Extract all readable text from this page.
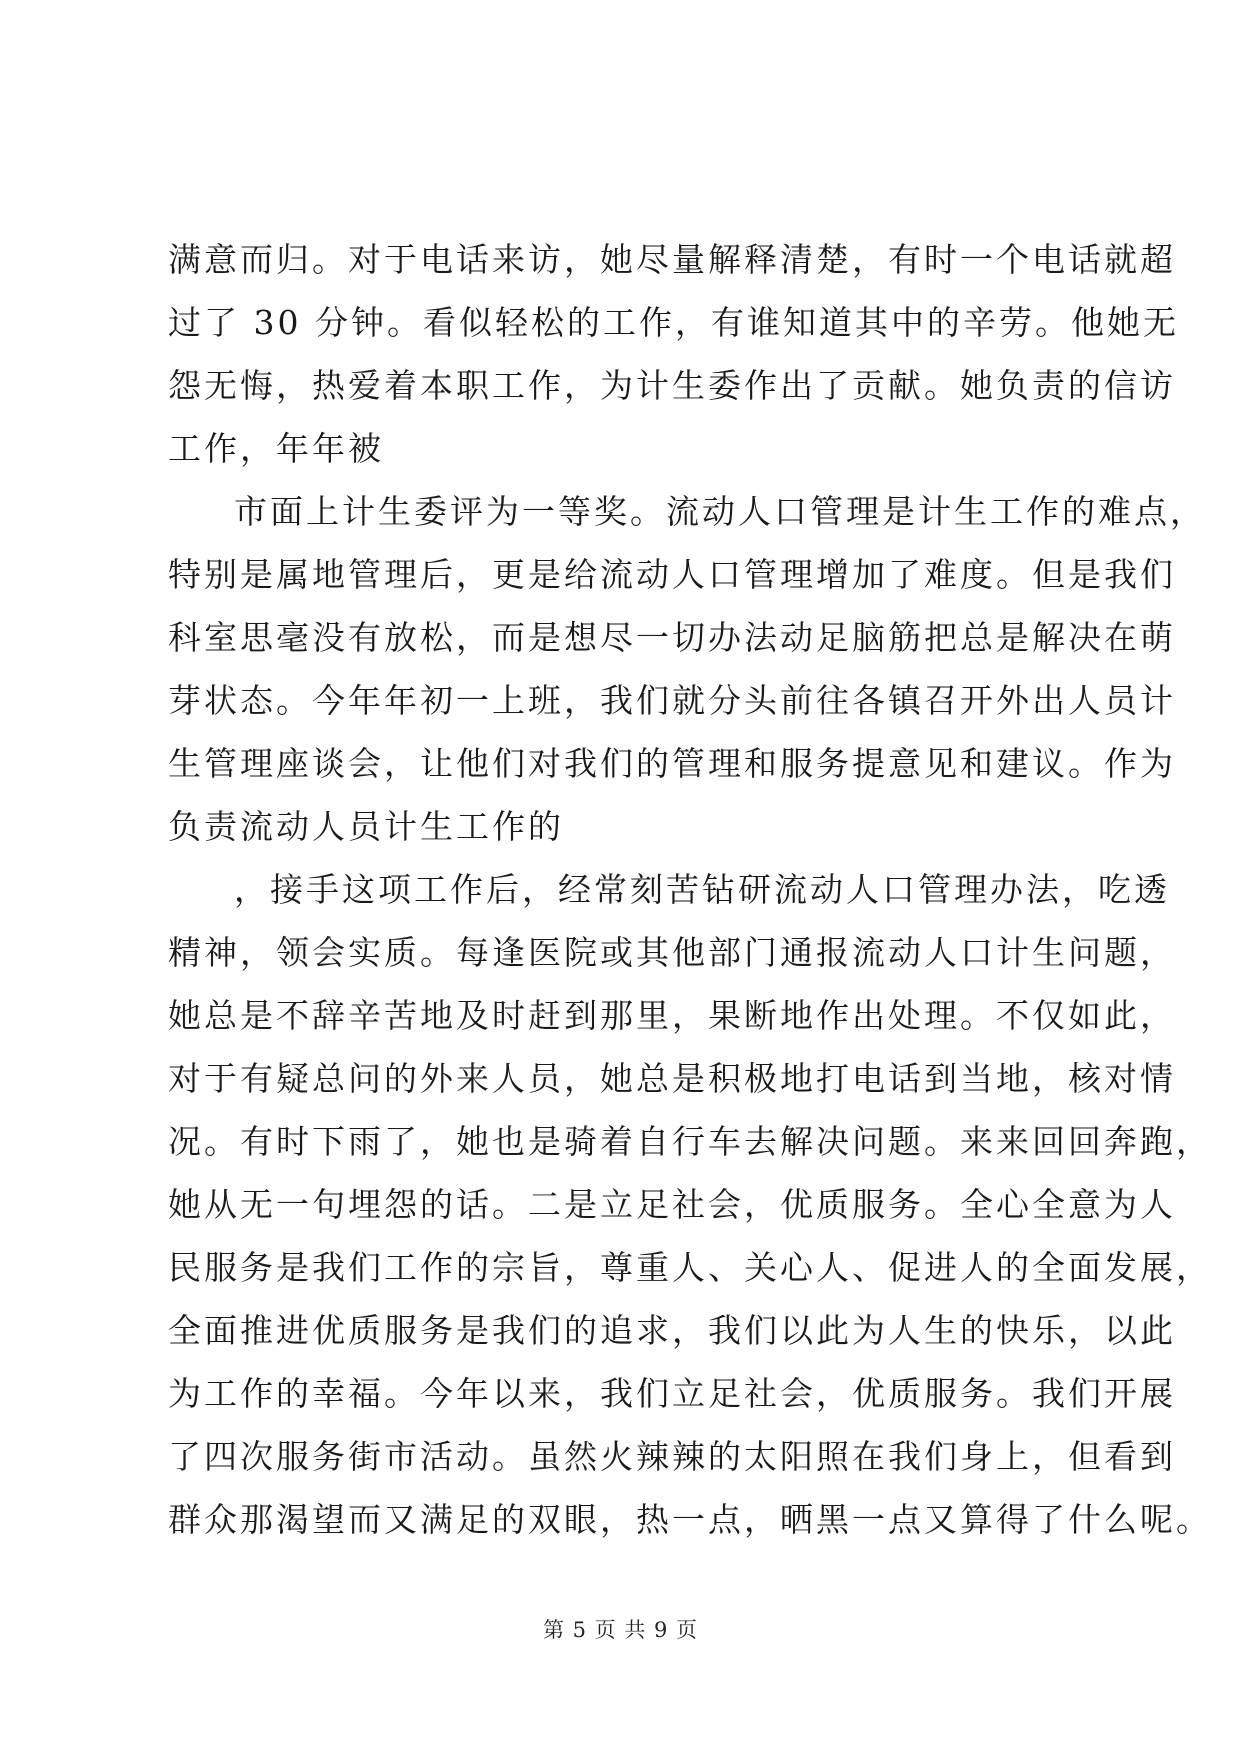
满意而归。对于电话来访，她尽量解释清楚，有时一个电话就超
过了 30 分钟。看似轻松的工作，有谁知道其中的辛劳。他她无
怨无悔，热爱着本职工作，为计生委作出了贡献。她负责的信访
工作，年年被
市面上计生委评为一等奖。流动人口管理是计生工作的难点，
特别是属地管理后，更是给流动人口管理增加了难度。但是我们
科室思毫没有放松，而是想尽一切办法动足脑筋把总是解决在萌
芽状态。今年年初一上班，我们就分头前往各镇召开外出人员计
生管理座谈会，让他们对我们的管理和服务提意见和建议。作为
负责流动人员计生工作的
，接手这项工作后，经常刻苦钻研流动人口管理办法，吃透
精神，领会实质。每逢医院或其他部门通报流动人口计生问题，
她总是不辞辛苦地及时赶到那里，果断地作出处理。不仅如此，
对于有疑总问的外来人员，她总是积极地打电话到当地，核对情
况。有时下雨了，她也是骑着自行车去解决问题。来来回回奔跑，
她从无一句埋怨的话。二是立足社会，优质服务。全心全意为人
民服务是我们工作的宗旨，尊重人、关心人、促进人的全面发展，
全面推进优质服务是我们的追求，我们以此为人生的快乐，以此
为工作的幸福。今年以来，我们立足社会，优质服务。我们开展
了四次服务街市活动。虽然火辣辣的太阳照在我们身上，但看到
群众那渴望而又满足的双眼，热一点，晒黑一点又算得了什么呢。
第 5 页 共 9 页
